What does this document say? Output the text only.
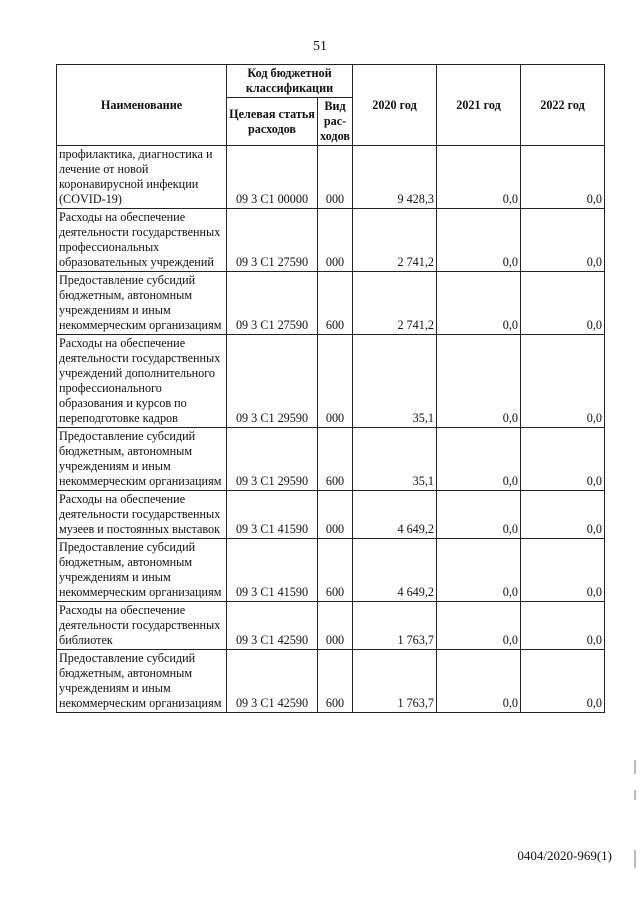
51
Наименование	Код бюджетной классификации		2020 год	2021 год	2022 год
	Целевая статья расходов	Вид рас-ходов			
профилактика, диагностика и лечение от новой коронавирусной инфекции (COVID-19)	09 3 С1 00000	000	9 428,3	0,0	0,0
Расходы на обеспечение деятельности государственных профессиональных образовательных учреждений	09 3 С1 27590	000	2 741,2	0,0	0,0
Предоставление субсидий бюджетным, автономным учреждениям и иным некоммерческим организациям	09 3 С1 27590	600	2 741,2	0,0	0,0
Расходы на обеспечение деятельности государственных учреждений дополнительного профессионального образования и курсов по переподготовке кадров	09 3 С1 29590	000	35,1	0,0	0,0
Предоставление субсидий бюджетным, автономным учреждениям и иным некоммерческим организациям	09 3 С1 29590	600	35,1	0,0	0,0
Расходы на обеспечение деятельности государственных музеев и постоянных выставок	09 3 С1 41590	000	4 649,2	0,0	0,0
Предоставление субсидий бюджетным, автономным учреждениям и иным некоммерческим организациям	09 3 С1 41590	600	4 649,2	0,0	0,0
Расходы на обеспечение деятельности государственных библиотек	09 3 С1 42590	000	1 763,7	0,0	0,0
Предоставление субсидий бюджетным, автономным учреждениям и иным некоммерческим организациям	09 3 С1 42590	600	1 763,7	0,0	0,0
0404/2020-969(1)
